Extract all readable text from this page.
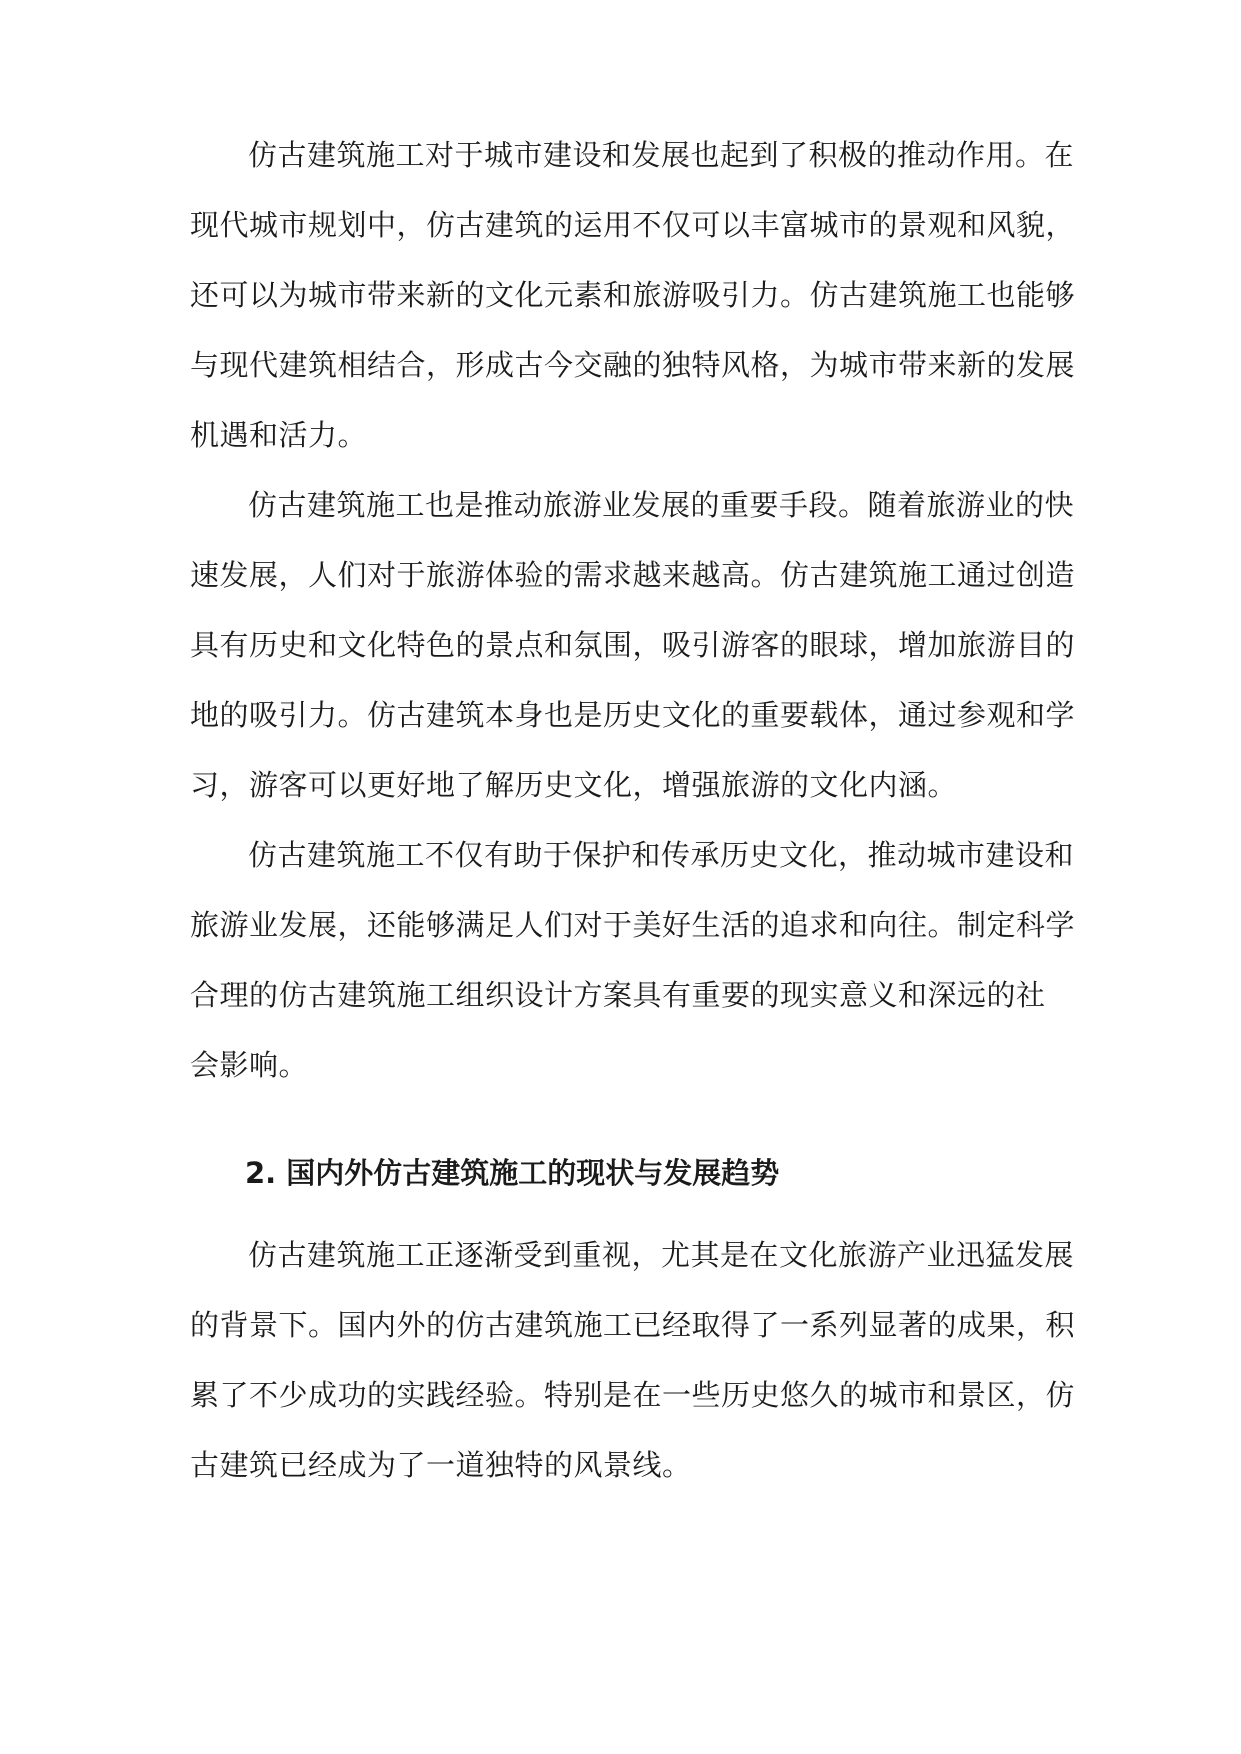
仿古建筑施工对于城市建设和发展也起到了积极的推动作用。在
现代城市规划中，仿古建筑的运用不仅可以丰富城市的景观和风貌，
还可以为城市带来新的文化元素和旅游吸引力。仿古建筑施工也能够
与现代建筑相结合，形成古今交融的独特风格，为城市带来新的发展
机遇和活力。
仿古建筑施工也是推动旅游业发展的重要手段。随着旅游业的快
速发展，人们对于旅游体验的需求越来越高。仿古建筑施工通过创造
具有历史和文化特色的景点和氛围，吸引游客的眼球，增加旅游目的
地的吸引力。仿古建筑本身也是历史文化的重要载体，通过参观和学
习，游客可以更好地了解历史文化，增强旅游的文化内涵。
仿古建筑施工不仅有助于保护和传承历史文化，推动城市建设和
旅游业发展，还能够满足人们对于美好生活的追求和向往。制定科学
合理的仿古建筑施工组织设计方案具有重要的现实意义和深远的社
会影响。
2. 国内外仿古建筑施工的现状与发展趋势
仿古建筑施工正逐渐受到重视，尤其是在文化旅游产业迅猛发展
的背景下。国内外的仿古建筑施工已经取得了一系列显著的成果，积
累了不少成功的实践经验。特别是在一些历史悠久的城市和景区，仿
古建筑已经成为了一道独特的风景线。
